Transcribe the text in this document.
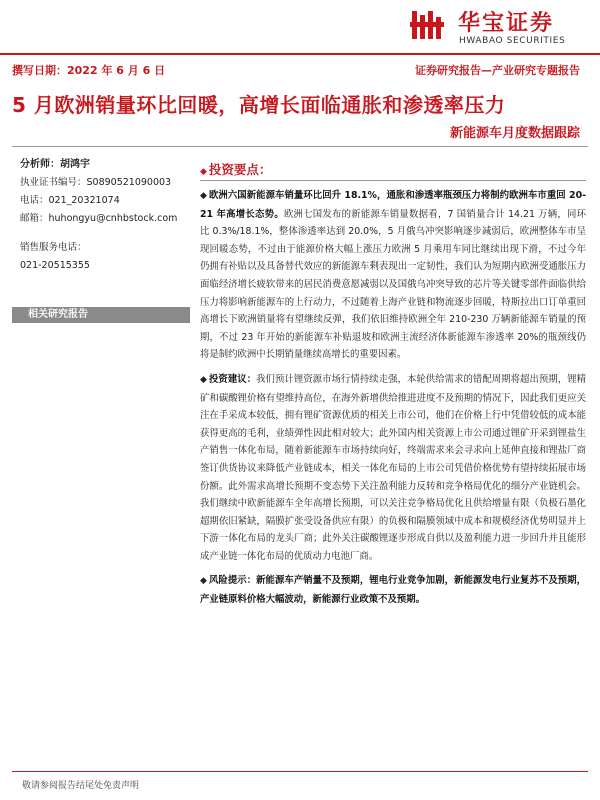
华宝证券
HWABAO SECURITIES
撰写日期：2022 年 6 月 6 日	证券研究报告—产业研究专题报告
5 月欧洲销量环比回暖，高增长面临通胀和渗透率压力
新能源车月度数据跟踪
分析师：胡鸿宇
执业证书编号：S0890521090003
电话：021_20321074
邮箱：huhongyu@cnhbstock.com
销售服务电话：
021-20515355
相关研究报告
◆ 投资要点：

◆ 欧洲六国新能源车销量环比回升 18.1%，通胀和渗透率瓶颈压力将制约欧洲车市重回 20-21 年高增长态势。欧洲七国发布的新能源车销量数据看，7 国销量合计 14.21 万辆，同环比 0.3%/18.1%，整体渗透率达到 20.0%，5 月俄乌冲突影响逐步减弱后，欧洲整体车市呈现回暖态势，不过由于能源价格大幅上涨压力欧洲 5 月乘用车同比继续出现下滑，不过今年仍拥有补贴以及具备替代效应的新能源车剩表现出一定韧性，我们认为短期内欧洲受通胀压力面临经济增长疲软带来的居民消费意愿减弱以及国俄乌冲突导致的芯片等关键零部件面临供给压力将影响新能源车的上行动力，不过随着上海产业链和物流逐步回暖，特斯拉出口订单重回高增长下欧洲销量将有望继续反弹，我们依旧维持欧洲全年 210-230 万辆新能源车销量的预期，不过 23 年开始的新能源车补贴退坡和欧洲主流经济体新能源车渗透率 20%的瓶颈线仍将是制约欧洲中长期销量继续高增长的重要因素。

◆ 投资建议：我们预计锂资源市场行情持续走强，本轮供给需求的错配周期将超出预期，锂精矿和碳酸锂价格有望维持高位，在海外新增供给推进进度不及预期的情况下，因此我们更应关注在手采成本较低，拥有锂矿资源优质的相关上市公司，他们在价格上行中凭借较低的成本能获得更高的毛利，业绩弹性因此相对较大；此外国内相关资源上市公司通过锂矿开采到锂盐生产销售一体化布局，随着新能源车市场持续向好，终端需求来会寻求向上延伸直接和锂盐厂商签订供货协议来降低产业链成本，相关一体化布局的上市公司凭借价格优势有望持续拓展市场份额。此外需求高增长预期不变态势下关注盈利能力反转和竞争格局优化的细分产业链机会。我们继续中欧新能源车全年高增长预期，可以关注竞争格局优化且供给增量有限（负极石墨化超期依旧紧缺，隔膜扩张受设备供应有限）的负极和隔膜领域中成本和规模经济优势明显并上下游一体化布局的龙头厂商；此外关注碳酸锂逐步形成自供以及盈利能力进一步回升并且能形成产业链一体化布局的优质动力电池厂商。

◆ 风险提示：新能源车产销量不及预期，锂电行业竞争加剧，新能源发电行业复苏不及预期，产业链原料价格大幅波动，新能源行业政策不及预期。

敬请参阅报告结尾处免责声明
